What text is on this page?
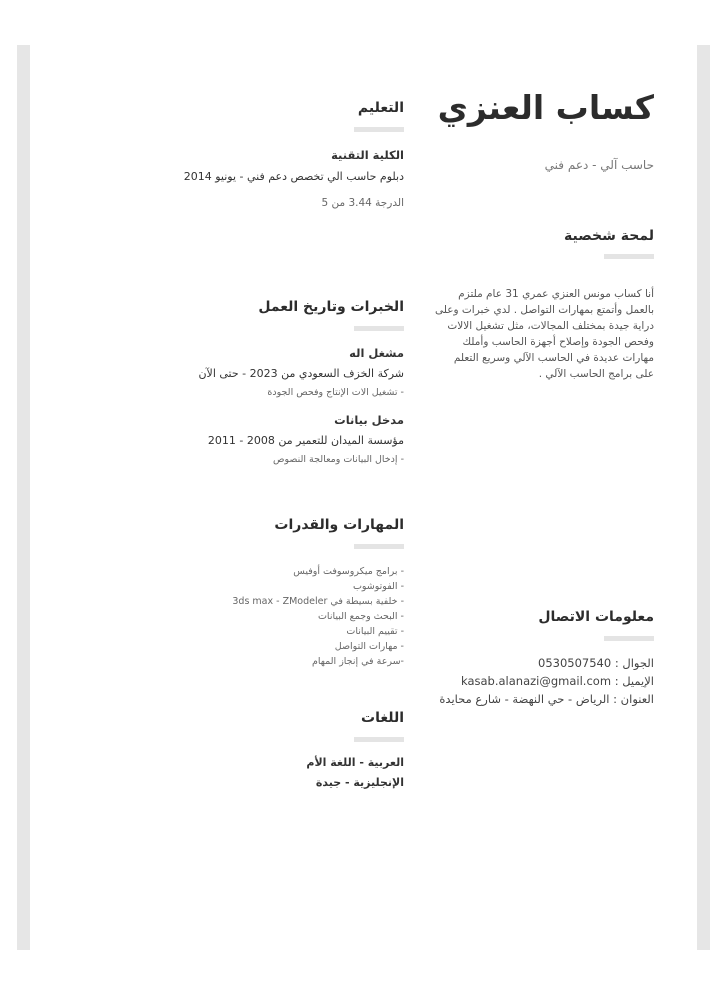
كساب العنزي
حاسب آلي - دعم فني
لمحة شخصية
أنا كساب مونس العنزي عمري 31 عام ملتزم بالعمل وأتمتع بمهارات التواصل . لدي خبرات وعلى دراية جيدة بمختلف المجالات، مثل تشغيل الالات وفحص الجودة وإصلاح أجهزة الحاسب وأملك مهارات عديدة في الحاسب الآلي وسريع التعلم على برامج الحاسب الآلي .
معلومات الاتصال
الجوال : 0530507540
الإيميل : kasab.alanazi@gmail.com
العنوان : الرياض - حي النهضة - شارع محايدة
التعليم
الكلية التقنية
دبلوم حاسب الي تخصص دعم فني - يونيو 2014
الدرجة 3.44 من 5
الخبرات وتاريخ العمل
مشغل اله
شركة الخزف السعودي من 2023 - حتى الآن
- تشغيل الات الإنتاج وفحص الجودة
مدخل بيانات
مؤسسة الميدان للتعمير من 2008 - 2011
- إدخال البيانات ومعالجة النصوص
المهارات والقدرات
- برامج ميكروسوفت أوفيس
- الفوتوشوب
- خلفية بسيطة في 3ds max - ZModeler
- البحث وجمع البيانات
- تقييم البيانات
- مهارات التواصل
-سرعة في إنجاز المهام
اللغات
العربية - اللغة الأم
الإنجليزية - جيدة
